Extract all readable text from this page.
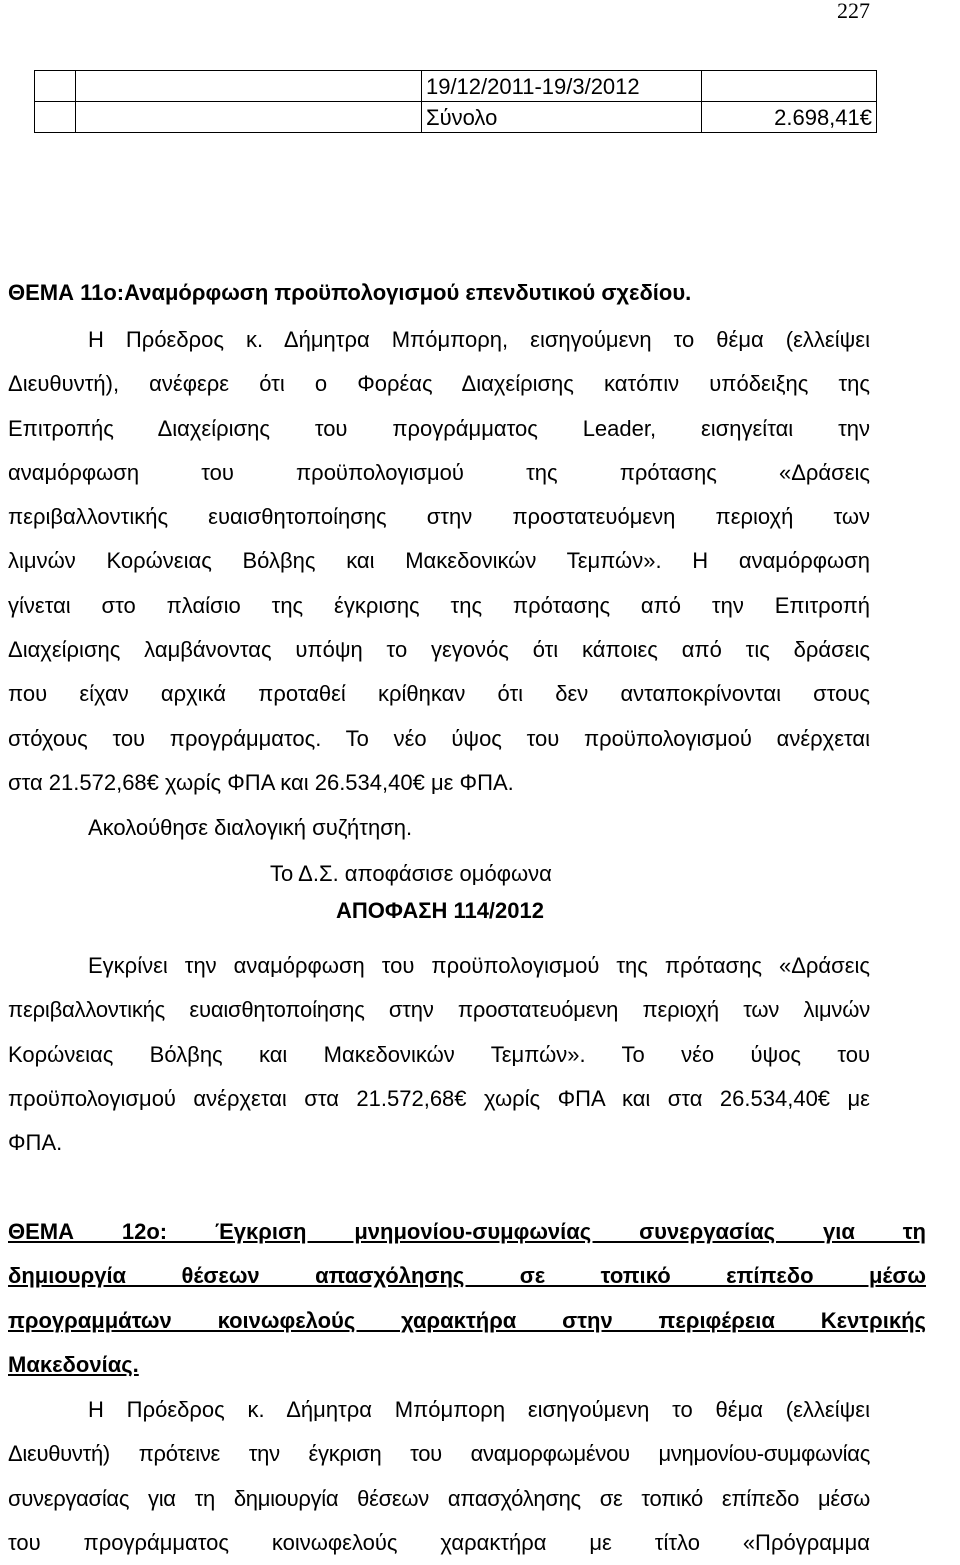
227
		19/12/2011-19/3/2012	
		Σύνολο	2.698,41€
ΘΕΜΑ 11ο:Αναμόρφωση προϋπολογισμού επενδυτικού σχεδίου.
Η Πρόεδρος κ. Δήμητρα Μπόμπορη, εισηγούμενη το θέμα (ελλείψει
Διευθυντή), ανέφερε ότι ο Φορέας Διαχείρισης κατόπιν υπόδειξης της
Επιτροπής Διαχείρισης του προγράμματος Leader, εισηγείται την
αναμόρφωση του προϋπολογισμού της πρότασης «Δράσεις
περιβαλλοντικής ευαισθητοποίησης στην προστατευόμενη περιοχή των
λιμνών Κορώνειας Βόλβης και Μακεδονικών Τεμπών». Η αναμόρφωση
γίνεται στο πλαίσιο της έγκρισης της πρότασης από την Επιτροπή
Διαχείρισης λαμβάνοντας υπόψη το γεγονός ότι κάποιες από τις δράσεις
που είχαν αρχικά προταθεί κρίθηκαν ότι δεν ανταποκρίνονται στους
στόχους του προγράμματος. Το νέο ύψος του προϋπολογισμού ανέρχεται
στα 21.572,68€ χωρίς ΦΠΑ και 26.534,40€ με ΦΠΑ.
Ακολούθησε διαλογική συζήτηση.
Το Δ.Σ. αποφάσισε ομόφωνα
ΑΠΟΦΑΣΗ 114/2012
Εγκρίνει την αναμόρφωση του προϋπολογισμού της πρότασης «Δράσεις
περιβαλλοντικής ευαισθητοποίησης στην προστατευόμενη περιοχή των λιμνών
Κορώνειας Βόλβης και Μακεδονικών Τεμπών». Το νέο ύψος του
προϋπολογισμού ανέρχεται στα 21.572,68€ χωρίς ΦΠΑ και στα 26.534,40€ με
ΦΠΑ.
ΘΕΜΑ 12ο: Έγκριση μνημονίου-συμφωνίας συνεργασίας για τη
δημιουργία θέσεων απασχόλησης σε τοπικό επίπεδο μέσω
προγραμμάτων κοινωφελούς χαρακτήρα στην περιφέρεια Κεντρικής
Μακεδονίας.
Η Πρόεδρος κ. Δήμητρα Μπόμπορη εισηγούμενη το θέμα (ελλείψει
Διευθυντή) πρότεινε την έγκριση του αναμορφωμένου μνημονίου-συμφωνίας
συνεργασίας για τη δημιουργία θέσεων απασχόλησης σε τοπικό επίπεδο μέσω
του προγράμματος κοινωφελούς χαρακτήρα με τίτλο «Πρόγραμμα
